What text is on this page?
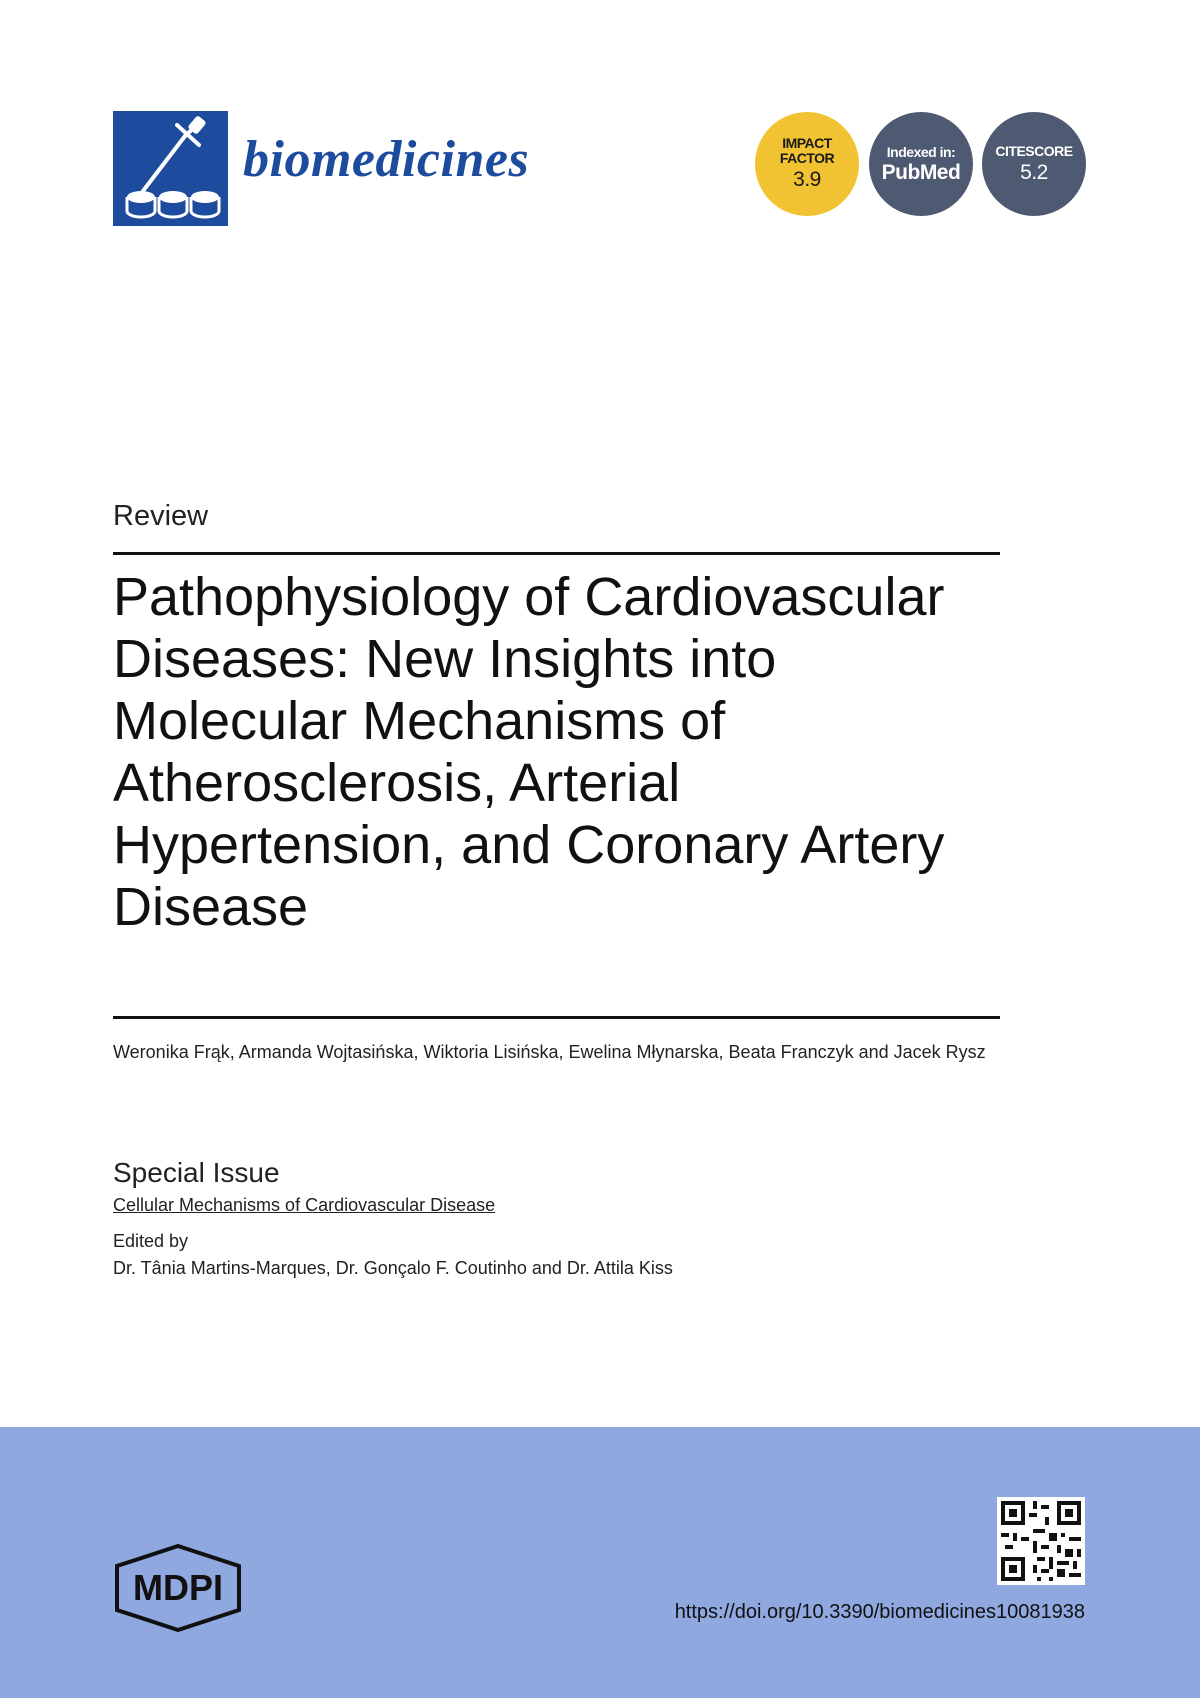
biomedicines	IMPACT
FACTOR
3.9
Indexed in:
PubMed
CITESCORE
5.2
Review
Pathophysiology of Cardiovascular Diseases: New Insights into Molecular Mechanisms of Atherosclerosis, Arterial Hypertension, and Coronary Artery Disease
Weronika Frąk, Armanda Wojtasińska, Wiktoria Lisińska, Ewelina Młynarska, Beata Franczyk and Jacek Rysz
Special Issue
Cellular Mechanisms of Cardiovascular Disease
Edited by
Dr. Tânia Martins-Marques, Dr. Gonçalo F. Coutinho and Dr. Attila Kiss
MDPI
https://doi.org/10.3390/biomedicines10081938
